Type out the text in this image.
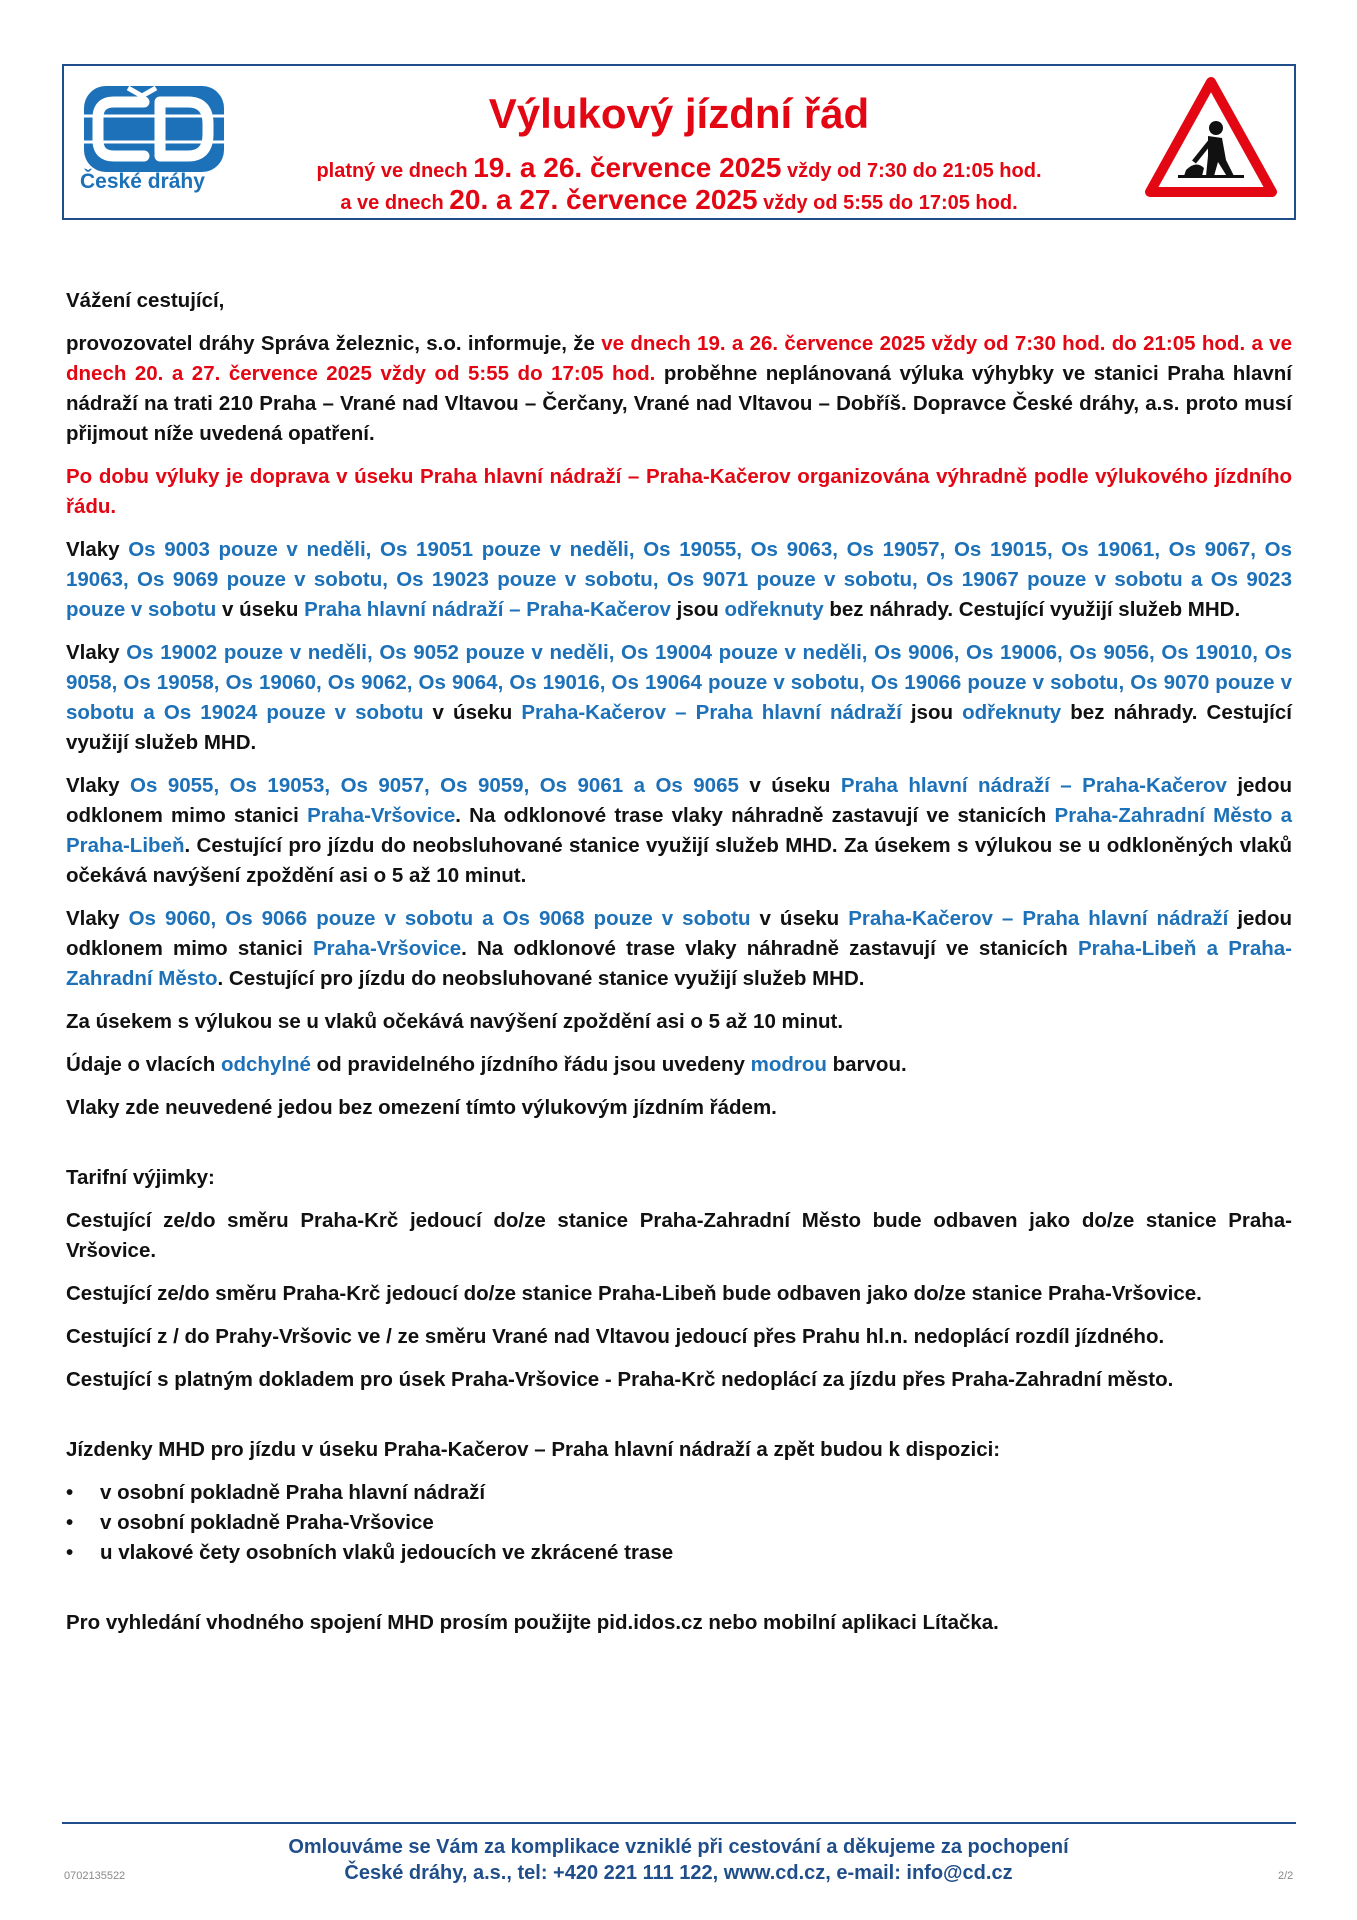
České dráhy
Výlukový jízdní řád
platný ve dnech 19. a 26. července 2025 vždy od 7:30 do 21:05 hod.
a ve dnech 20. a 27. července 2025 vždy od 5:55 do 17:05 hod.

Vážení cestující,

provozovatel dráhy Správa železnic, s.o. informuje, že ve dnech 19. a 26. července 2025 vždy od 7:30 hod. do 21:05 hod. a ve dnech 20. a 27. července 2025 vždy od 5:55 do 17:05 hod. proběhne neplánovaná výluka výhybky ve stanici Praha hlavní nádraží na trati 210 Praha – Vrané nad Vltavou – Čerčany, Vrané nad Vltavou – Dobříš. Dopravce České dráhy, a.s. proto musí přijmout níže uvedená opatření.

Po dobu výluky je doprava v úseku Praha hlavní nádraží – Praha-Kačerov organizována výhradně podle výlukového jízdního řádu.

Vlaky Os 9003 pouze v neděli, Os 19051 pouze v neděli, Os 19055, Os 9063, Os 19057, Os 19015, Os 19061, Os 9067, Os 19063, Os 9069 pouze v sobotu, Os 19023 pouze v sobotu, Os 9071 pouze v sobotu, Os 19067 pouze v sobotu a Os 9023 pouze v sobotu v úseku Praha hlavní nádraží – Praha-Kačerov jsou odřeknuty bez náhrady. Cestující využijí služeb MHD.

Vlaky Os 19002 pouze v neděli, Os 9052 pouze v neděli, Os 19004 pouze v neděli, Os 9006, Os 19006, Os 9056, Os 19010, Os 9058, Os 19058, Os 19060, Os 9062, Os 9064, Os 19016, Os 19064 pouze v sobotu, Os 19066 pouze v sobotu, Os 9070 pouze v sobotu a Os 19024 pouze v sobotu v úseku Praha-Kačerov – Praha hlavní nádraží jsou odřeknuty bez náhrady. Cestující využijí služeb MHD.

Vlaky Os 9055, Os 19053, Os 9057, Os 9059, Os 9061 a Os 9065 v úseku Praha hlavní nádraží – Praha-Kačerov jedou odklonem mimo stanici Praha-Vršovice. Na odklonové trase vlaky náhradně zastavují ve stanicích Praha-Zahradní Město a Praha-Libeň. Cestující pro jízdu do neobsluhované stanice využijí služeb MHD. Za úsekem s výlukou se u odkloněných vlaků očekává navýšení zpoždění asi o 5 až 10 minut.

Vlaky Os 9060, Os 9066 pouze v sobotu a Os 9068 pouze v sobotu v úseku Praha-Kačerov – Praha hlavní nádraží jedou odklonem mimo stanici Praha-Vršovice. Na odklonové trase vlaky náhradně zastavují ve stanicích Praha-Libeň a Praha-Zahradní Město. Cestující pro jízdu do neobsluhované stanice využijí služeb MHD.

Za úsekem s výlukou se u vlaků očekává navýšení zpoždění asi o 5 až 10 minut.

Údaje o vlacích odchylné od pravidelného jízdního řádu jsou uvedeny modrou barvou.

Vlaky zde neuvedené jedou bez omezení tímto výlukovým jízdním řádem.

Tarifní výjimky:

Cestující ze/do směru Praha-Krč jedoucí do/ze stanice Praha-Zahradní Město bude odbaven jako do/ze stanice Praha- Vršovice.

Cestující ze/do směru Praha-Krč jedoucí do/ze stanice Praha-Libeň bude odbaven jako do/ze stanice Praha-Vršovice.

Cestující z / do Prahy-Vršovic ve / ze směru Vrané nad Vltavou jedoucí přes Prahu hl.n. nedoplácí rozdíl jízdného.

Cestující s platným dokladem pro úsek Praha-Vršovice - Praha-Krč nedoplácí za jízdu přes Praha-Zahradní město.

Jízdenky MHD pro jízdu v úseku Praha-Kačerov – Praha hlavní nádraží a zpět budou k dispozici:

• v osobní pokladně Praha hlavní nádraží
• v osobní pokladně Praha-Vršovice
• u vlakové čety osobních vlaků jedoucích ve zkrácené trase

Pro vyhledání vhodného spojení MHD prosím použijte pid.idos.cz nebo mobilní aplikaci Lítačka.

Omlouváme se Vám za komplikace vzniklé při cestování a děkujeme za pochopení
České dráhy, a.s., tel: +420 221 111 122, www.cd.cz, e-mail: info@cd.cz
0702135522	2/2
